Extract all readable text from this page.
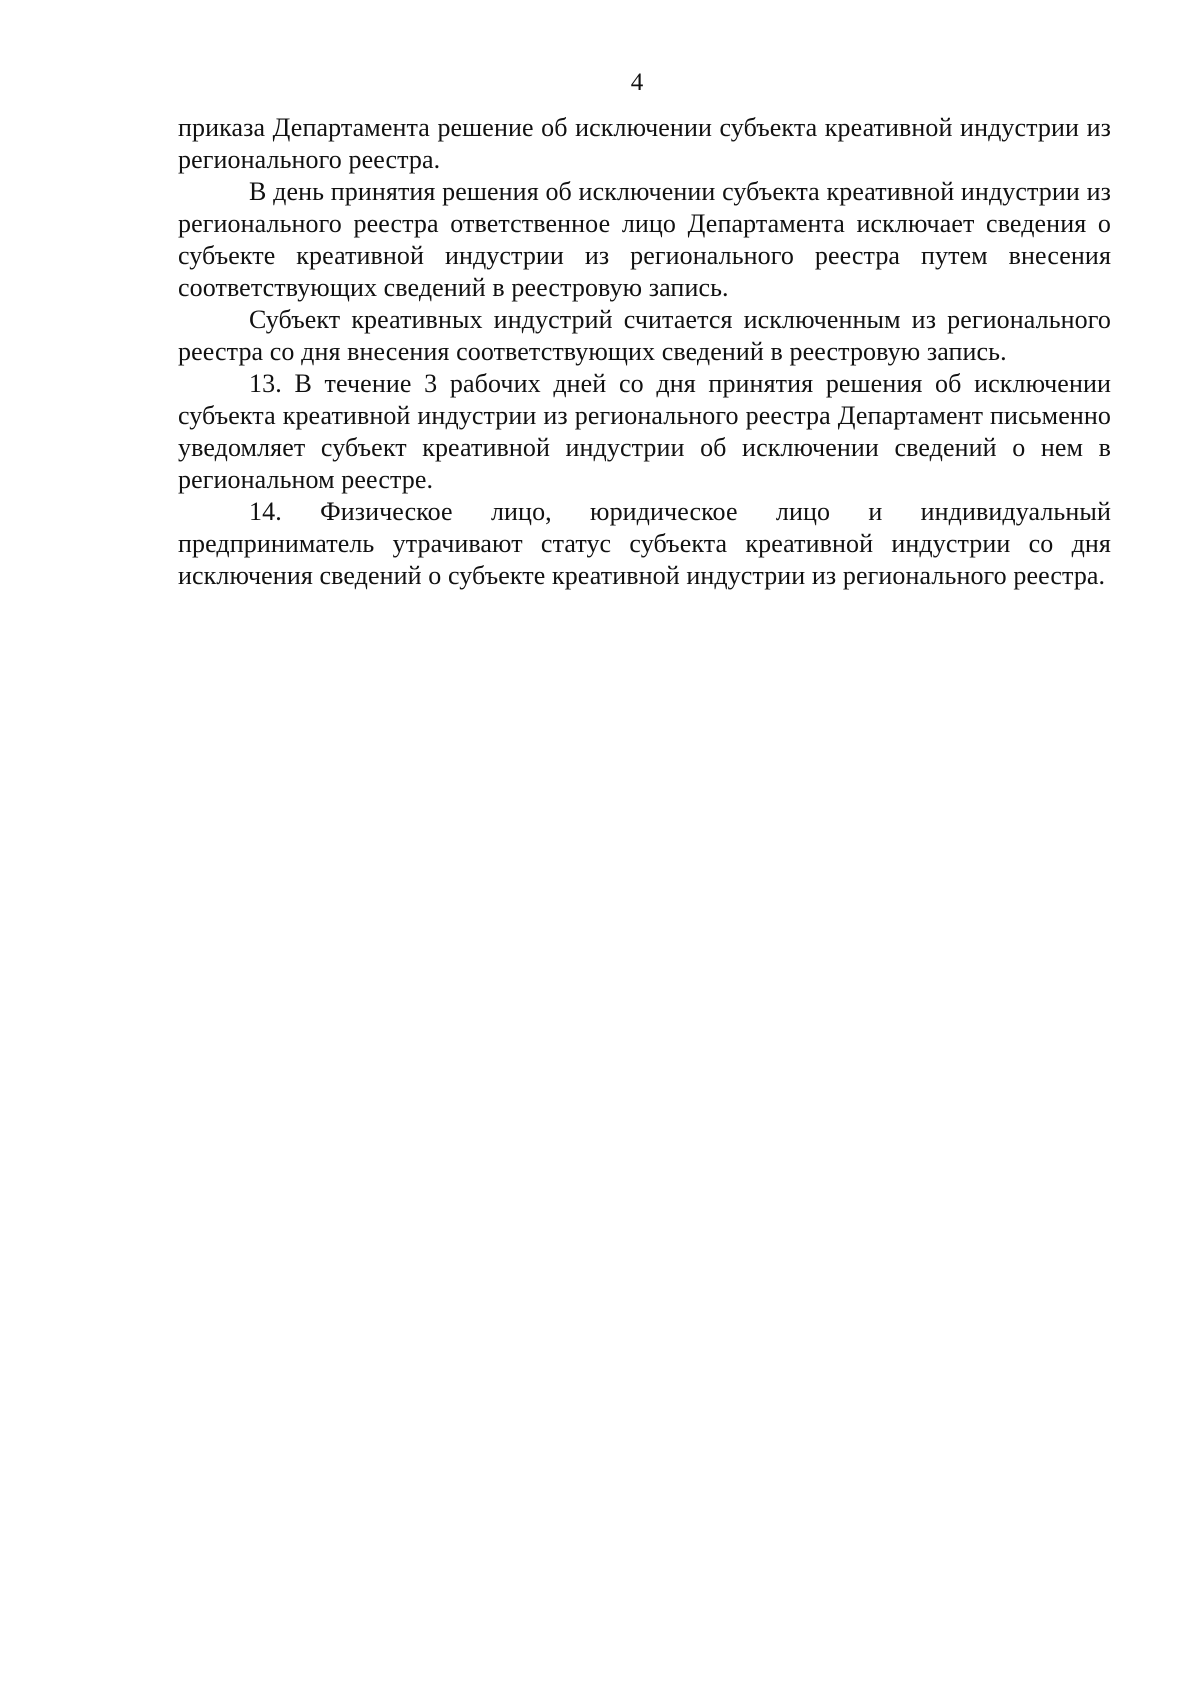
4

приказа Департамента решение об исключении субъекта креативной индустрии из регионального реестра.

В день принятия решения об исключении субъекта креативной индустрии из регионального реестра ответственное лицо Департамента исключает сведения о субъекте креативной индустрии из регионального реестра путем внесения соответствующих сведений в реестровую запись.

Субъект креативных индустрий считается исключенным из регионального реестра со дня внесения соответствующих сведений в реестровую запись.

13. В течение 3 рабочих дней со дня принятия решения об исключении субъекта креативной индустрии из регионального реестра Департамент письменно уведомляет субъект креативной индустрии об исключении сведений о нем в региональном реестре.

14. Физическое лицо, юридическое лицо и индивидуальный предприниматель утрачивают статус субъекта креативной индустрии со дня исключения сведений о субъекте креативной индустрии из регионального реестра.
